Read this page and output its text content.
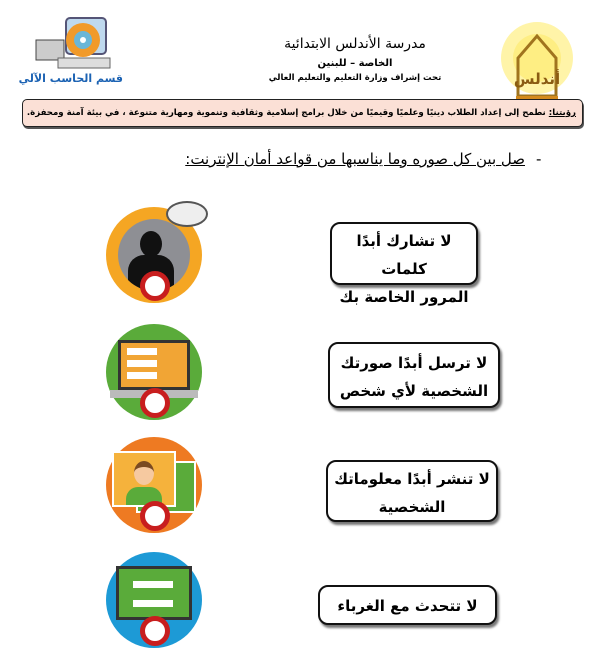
قسم الحاسب الآلي
مدرسة الأندلس الابتدائية
الخاصة – للبنين
تحت إشراف وزارة التعليم والتعليم العالي	أندلس
رؤيتنا:نطمح إلى إعداد الطلاب دينيًا وعلميًا وقيميًا من خلال برامج إسلامية وثقافية وتنموية ومهارية متنوعة ، في بيئة آمنة ومحفزة.
-
صل بين كل صوره وما يناسبها من قواعد أمان الإنترنت:
لا تشارك أبدًا كلمات
المرور الخاصة بك
لا ترسل أبدًا صورتك
الشخصية لأي شخص
لا تنشر أبدًا معلوماتك
الشخصية
لا تتحدث مع الغرباء
